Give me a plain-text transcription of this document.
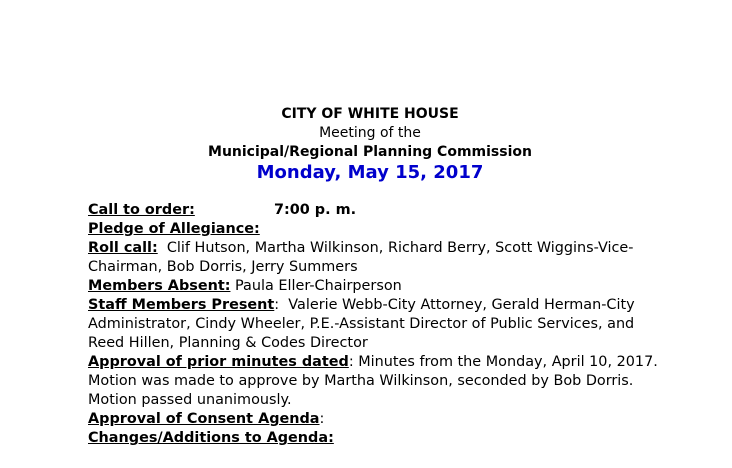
CITY OF WHITE HOUSE
Meeting of the
Municipal/Regional Planning Commission
Monday, May 15, 2017
Call to order:	7:00 p. m.
Pledge of Allegiance:
Roll call:  Clif Hutson, Martha Wilkinson, Richard Berry, Scott Wiggins-Vice-
Chairman, Bob Dorris, Jerry Summers
Members Absent: Paula Eller-Chairperson
Staff Members Present:  Valerie Webb-City Attorney, Gerald Herman-City
Administrator, Cindy Wheeler, P.E.-Assistant Director of Public Services, and
Reed Hillen, Planning & Codes Director
Approval of prior minutes dated: Minutes from the Monday, April 10, 2017.
Motion was made to approve by Martha Wilkinson, seconded by Bob Dorris.
Motion passed unanimously.
Approval of Consent Agenda:
Changes/Additions to Agenda:
